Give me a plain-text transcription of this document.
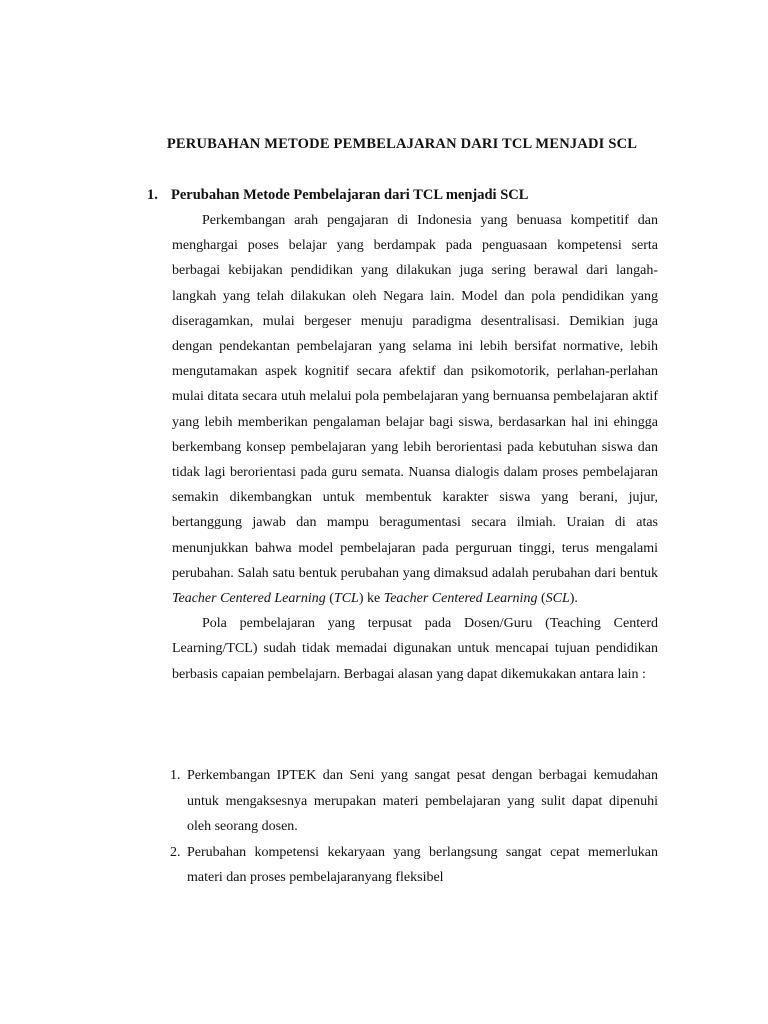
PERUBAHAN METODE PEMBELAJARAN DARI TCL MENJADI SCL
1. Perubahan Metode Pembelajaran dari TCL menjadi SCL

Perkembangan arah pengajaran di Indonesia yang benuasa kompetitif dan menghargai poses belajar yang berdampak pada penguasaan kompetensi serta berbagai kebijakan pendidikan yang dilakukan juga sering berawal dari langah-langkah yang telah dilakukan oleh Negara lain. Model dan pola pendidikan yang diseragamkan, mulai bergeser menuju paradigma desentralisasi. Demikian juga dengan pendekantan pembelajaran yang selama ini lebih bersifat normative, lebih mengutamakan aspek kognitif secara afektif dan psikomotorik, perlahan-perlahan mulai ditata secara utuh melalui pola pembelajaran yang bernuansa pembelajaran aktif yang lebih memberikan pengalaman belajar bagi siswa, berdasarkan hal ini ehingga berkembang konsep pembelajaran yang lebih berorientasi pada kebutuhan siswa dan tidak lagi berorientasi pada guru semata. Nuansa dialogis dalam proses pembelajaran semakin dikembangkan untuk membentuk karakter siswa yang berani, jujur, bertanggung jawab dan mampu beragumentasi secara ilmiah. Uraian di atas menunjukkan bahwa model pembelajaran pada perguruan tinggi, terus mengalami perubahan. Salah satu bentuk perubahan yang dimaksud adalah perubahan dari bentuk Teacher Centered Learning (TCL) ke Teacher Centered Learning (SCL).

Pola pembelajaran yang terpusat pada Dosen/Guru (Teaching Centerd Learning/TCL) sudah tidak memadai digunakan untuk mencapai tujuan pendidikan berbasis capaian pembelajarn. Berbagai alasan yang dapat dikemukakan antara lain :

1. Perkembangan IPTEK dan Seni yang sangat pesat dengan berbagai kemudahan untuk mengaksesnya merupakan materi pembelajaran yang sulit dapat dipenuhi oleh seorang dosen.
2. Perubahan kompetensi kekaryaan yang berlangsung sangat cepat memerlukan materi dan proses pembelajaranyang fleksibel
